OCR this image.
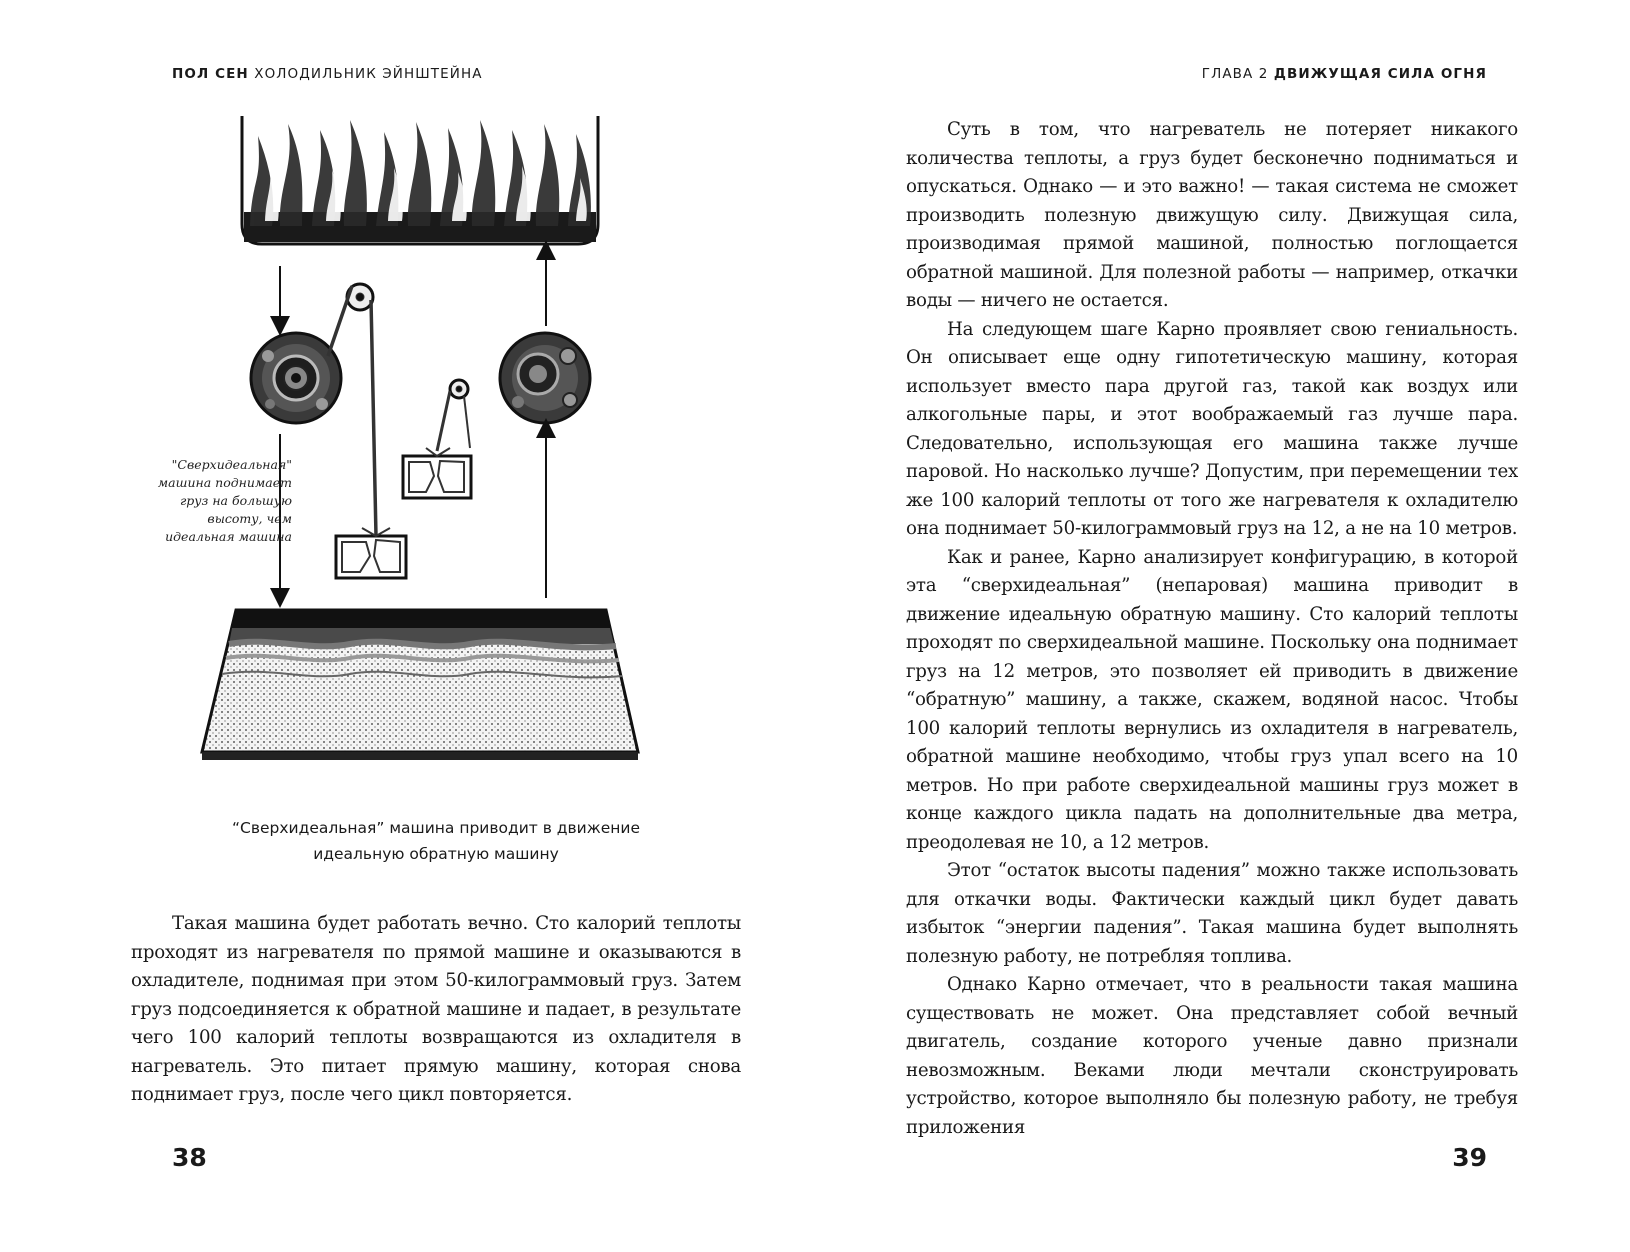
ПОЛ СЕН ХОЛОДИЛЬНИК ЭЙНШТЕЙНА
"Сверхидеальная" машина поднимает груз на большую высоту, чем идеальная машина
“Сверхидеальная” машина приводит в движение
идеальную обратную машину

Такая машина будет работать вечно. Сто калорий теплоты проходят из нагревателя по прямой машине и оказываются в охладителе, поднимая при этом 50-килограммовый груз. Затем груз подсоединяется к обратной машине и падает, в результате чего 100 калорий теплоты возвращаются из охладителя в нагреватель. Это питает прямую машину, которая снова поднимает груз, после чего цикл повторяется.

38
ГЛАВА 2 ДВИЖУЩАЯ СИЛА ОГНЯ

Суть в том, что нагреватель не потеряет никакого количества теплоты, а груз будет бесконечно подниматься и опускаться. Однако — и это важно! — такая система не сможет производить полезную движущую силу. Движущая сила, производимая прямой машиной, полностью поглощается обратной машиной. Для полезной работы — например, откачки воды — ничего не остается.

На следующем шаге Карно проявляет свою гениальность. Он описывает еще одну гипотетическую машину, которая использует вместо пара другой газ, такой как воздух или алкогольные пары, и этот воображаемый газ лучше пара. Следовательно, использующая его машина также лучше паровой. Но насколько лучше? Допустим, при перемещении тех же 100 калорий теплоты от того же нагревателя к охладителю она поднимает 50-килограммовый груз на 12, а не на 10 метров.

Как и ранее, Карно анализирует конфигурацию, в которой эта “сверхидеальная” (непаровая) машина приводит в движение идеальную обратную машину. Сто калорий теплоты проходят по сверхидеальной машине. Поскольку она поднимает груз на 12 метров, это позволяет ей приводить в движение “обратную” машину, а также, скажем, водяной насос. Чтобы 100 калорий теплоты вернулись из охладителя в нагреватель, обратной машине необходимо, чтобы груз упал всего на 10 метров. Но при работе сверхидеальной машины груз может в конце каждого цикла падать на дополнительные два метра, преодолевая не 10, а 12 метров.

Этот “остаток высоты падения” можно также использовать для откачки воды. Фактически каждый цикл будет давать избыток “энергии падения”. Такая машина будет выполнять полезную работу, не потребляя топлива.

Однако Карно отмечает, что в реальности такая машина существовать не может. Она представляет собой вечный двигатель, создание которого ученые давно признали невозможным. Веками люди мечтали сконструировать устройство, которое выполняло бы полезную работу, не требуя приложения

39
